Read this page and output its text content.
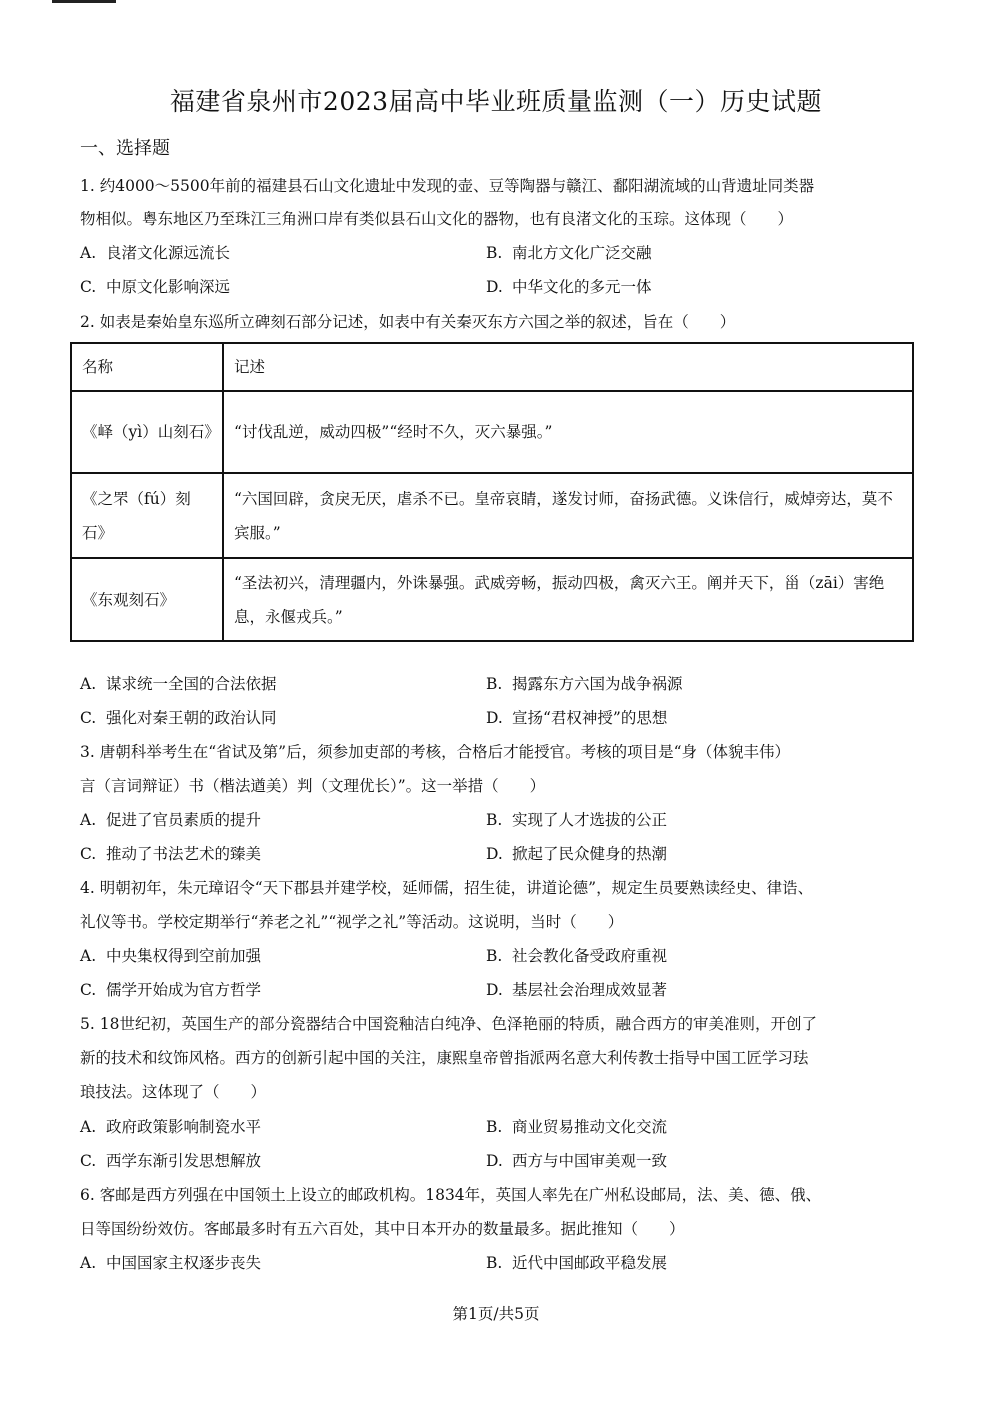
福建省泉州市2023届高中毕业班质量监测（一）历史试题
一、选择题
1. 约4000～5500年前的福建县石山文化遗址中发现的壶、豆等陶器与赣江、鄱阳湖流域的山背遗址同类器
物相似。粤东地区乃至珠江三角洲口岸有类似县石山文化的器物，也有良渚文化的玉琮。这体现（　　）
A. 良渚文化源远流长	B. 南北方文化广泛交融
C. 中原文化影响深远	D. 中华文化的多元一体
2. 如表是秦始皇东巡所立碑刻石部分记述，如表中有关秦灭东方六国之举的叙述，旨在（　　）
名称	记述
《峄（yì）山刻石》	“讨伐乱逆，威动四极”“经时不久，灭六暴强。”
《之罘（fú）刻石》	“六国回辟，贪戾无厌，虐杀不已。皇帝哀睛，遂发讨师，奋扬武德。义诛信行，威焯旁达，莫不宾服。”
《东观刻石》	“圣法初兴，清理疆内，外诛暴强。武威旁畅，振动四极，禽灭六王。阐并天下，甾（zāi）害绝息，永偃戎兵。”
A. 谋求统一全国的合法依据	B. 揭露东方六国为战争祸源
C. 强化对秦王朝的政治认同	D. 宣扬“君权神授”的思想
3. 唐朝科举考生在“省试及第”后，须参加吏部的考核，合格后才能授官。考核的项目是“身（体貌丰伟）
言（言词辩证）书（楷法遒美）判（文理优长）”。这一举措（　　）
A. 促进了官员素质的提升	B. 实现了人才选拔的公正
C. 推动了书法艺术的臻美	D. 掀起了民众健身的热潮
4. 明朝初年，朱元璋诏令“天下郡县并建学校，延师儒，招生徒，讲道论德”，规定生员要熟读经史、律诰、
礼仪等书。学校定期举行“养老之礼”“视学之礼”等活动。这说明，当时（　　）
A. 中央集权得到空前加强	B. 社会教化备受政府重视
C. 儒学开始成为官方哲学	D. 基层社会治理成效显著
5. 18世纪初，英国生产的部分瓷器结合中国瓷釉洁白纯净、色泽艳丽的特质，融合西方的审美准则，开创了
新的技术和纹饰风格。西方的创新引起中国的关注，康熙皇帝曾指派两名意大利传教士指导中国工匠学习珐
琅技法。这体现了（　　）
A. 政府政策影响制瓷水平	B. 商业贸易推动文化交流
C. 西学东渐引发思想解放	D. 西方与中国审美观一致
6. 客邮是西方列强在中国领土上设立的邮政机构。1834年，英国人率先在广州私设邮局，法、美、德、俄、
日等国纷纷效仿。客邮最多时有五六百处，其中日本开办的数量最多。据此推知（　　）
A. 中国国家主权逐步丧失	B. 近代中国邮政平稳发展
第1页/共5页
